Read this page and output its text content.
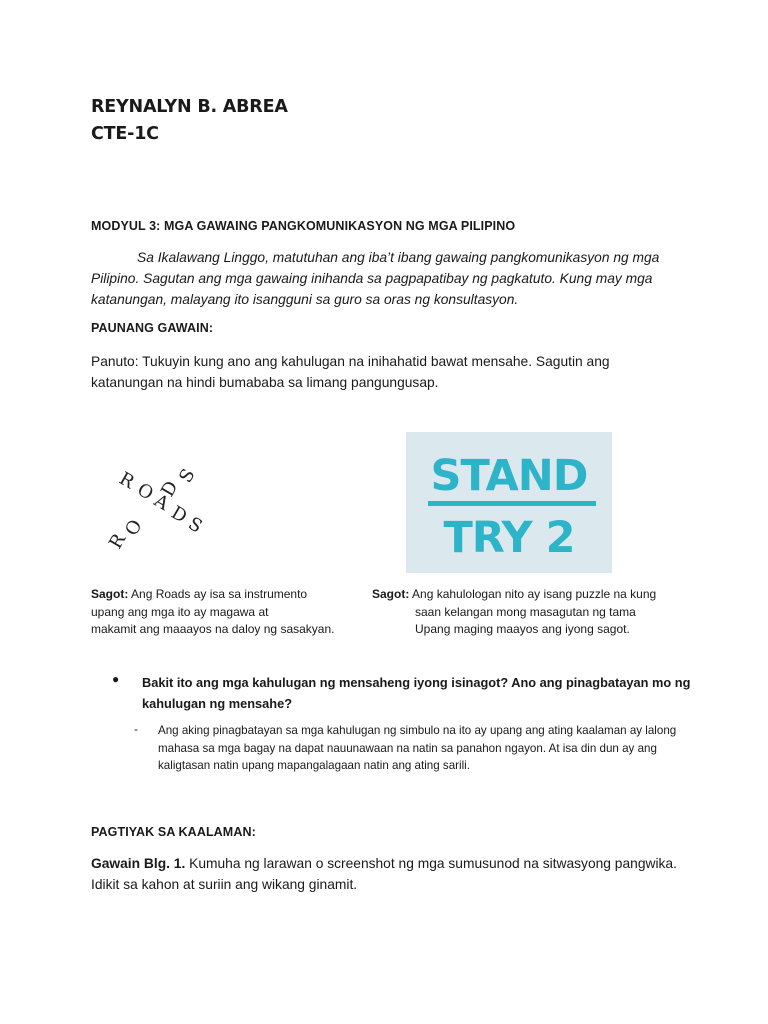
REYNALYN B. ABREA
CTE-1C
MODYUL 3: MGA GAWAING PANGKOMUNIKASYON NG MGA PILIPINO
Sa Ikalawang Linggo, matutuhan ang iba’t ibang gawaing pangkomunikasyon ng mga
Pilipino. Sagutan ang mga gawaing inihanda sa pagpapatibay ng pagkatuto. Kung may mga
katanungan, malayang ito isangguni sa guro sa oras ng konsultasyon.
PAUNANG GAWAIN:
Panuto: Tukuyin kung ano ang kahulugan na inihahatid bawat mensahe. Sagutin ang
katanungan na hindi bumababa sa limang pangungusap.
R
O
A
D
S
R
O
D
S	STAND
TRY 2
Sagot: Ang Roads ay isa sa instrumento
upang ang mga ito ay magawa at
makamit ang maaayos na daloy ng sasakyan.
Sagot: Ang kahulologan nito ay isang puzzle na kung
saan kelangan mong masagutan ng tama
Upang maging maayos ang iyong sagot.
● Bakit ito ang mga kahulugan ng mensaheng iyong isinagot? Ano ang pinagbatayan mo ng kahulugan ng mensahe?
- Ang aking pinagbatayan sa mga kahulugan ng simbulo na ito ay upang ang ating kaalaman ay lalong mahasa sa mga bagay na dapat nauunawaan na natin sa panahon ngayon. At isa din dun ay ang kaligtasan natin upang mapangalagaan natin ang ating sarili.
PAGTIYAK SA KAALAMAN:
Gawain Blg. 1. Kumuha ng larawan o screenshot ng mga sumusunod na sitwasyong pangwika.
Idikit sa kahon at suriin ang wikang ginamit.
